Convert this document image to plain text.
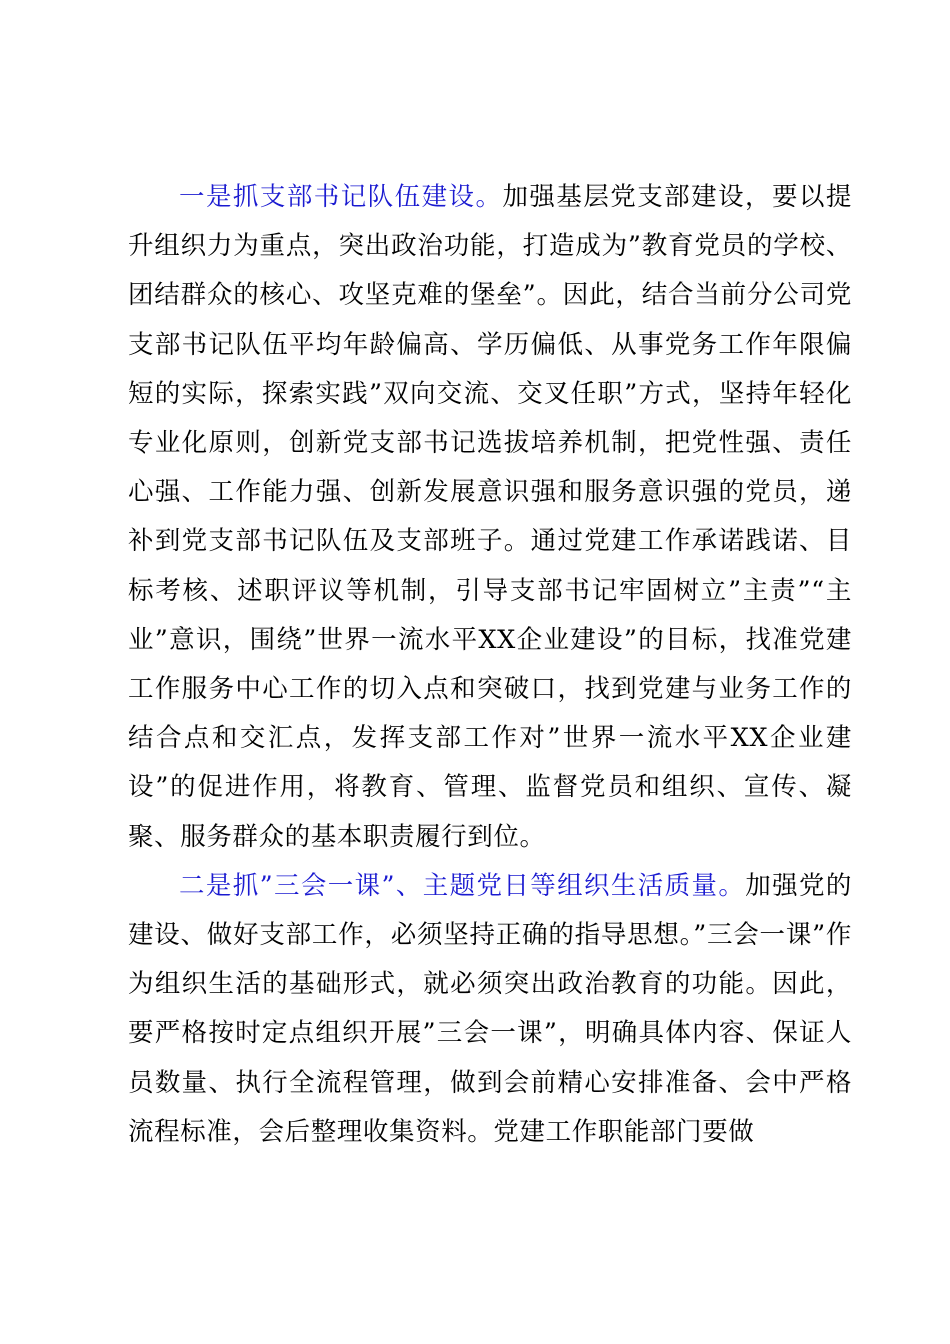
一是抓支部书记队伍建设。加强基层党支部建设，要以提升组织力为重点，突出政治功能，打造成为”教育党员的学校、团结群众的核心、攻坚克难的堡垒”。因此，结合当前分公司党支部书记队伍平均年龄偏高、学历偏低、从事党务工作年限偏短的实际，探索实践”双向交流、交叉任职”方式，坚持年轻化专业化原则，创新党支部书记选拔培养机制，把党性强、责任心强、工作能力强、创新发展意识强和服务意识强的党员，递补到党支部书记队伍及支部班子。通过党建工作承诺践诺、目标考核、述职评议等机制，引导支部书记牢固树立”主责”“主业”意识，围绕”世界一流水平XX企业建设”的目标，找准党建工作服务中心工作的切入点和突破口，找到党建与业务工作的结合点和交汇点，发挥支部工作对”世界一流水平XX企业建设”的促进作用，将教育、管理、监督党员和组织、宣传、凝聚、服务群众的基本职责履行到位。

二是抓”三会一课”、主题党日等组织生活质量。加强党的建设、做好支部工作，必须坚持正确的指导思想。”三会一课”作为组织生活的基础形式，就必须突出政治教育的功能。因此，要严格按时定点组织开展”三会一课”，明确具体内容、保证人员数量、执行全流程管理，做到会前精心安排准备、会中严格流程标准，会后整理收集资料。党建工作职能部门要做
